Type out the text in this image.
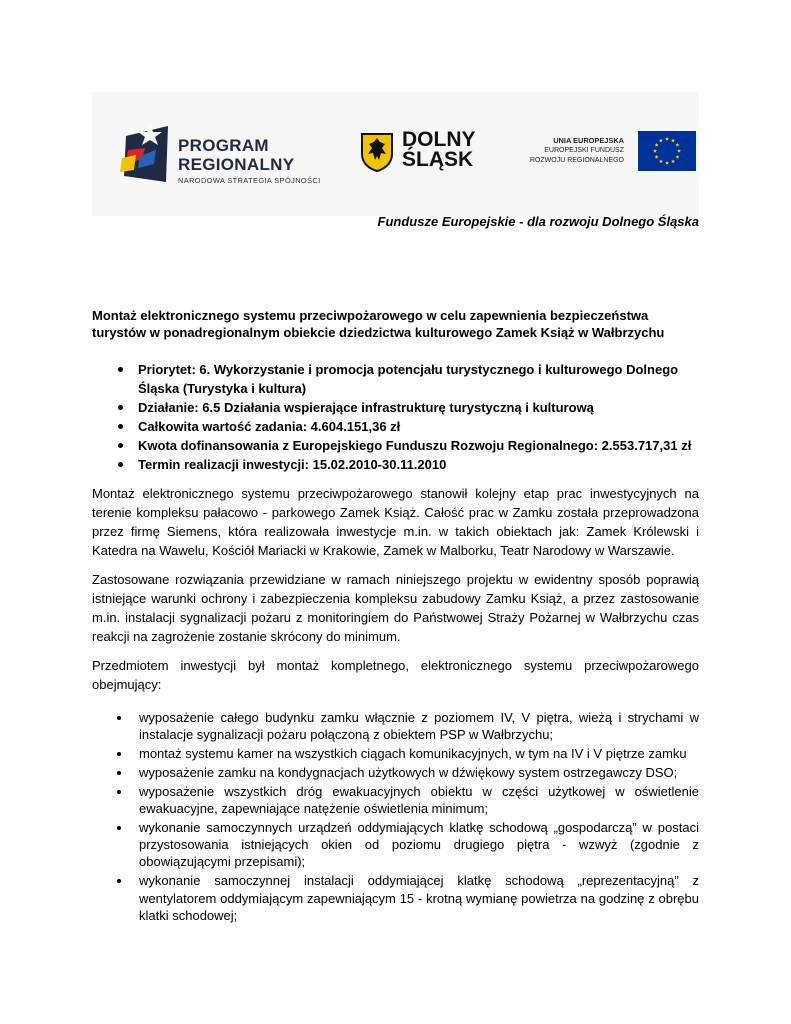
PROGRAM
REGIONALNY
NARODOWA STRATEGIA SPÓJNOŚCI
DOLNY
ŚLĄSK
UNIA EUROPEJSKA
EUROPEJSKI FUNDUSZ
ROZWOJU REGIONALNEGO
Fundusze Europejskie - dla rozwoju Dolnego Śląska
Montaż elektronicznego systemu przeciwpożarowego w celu zapewnienia bezpieczeństwa turystów w ponadregionalnym obiekcie dziedzictwa kulturowego Zamek Książ w Wałbrzychu
Priorytet: 6. Wykorzystanie i promocja potencjału turystycznego i kulturowego Dolnego Śląska (Turystyka i kultura)
Działanie: 6.5 Działania wspierające infrastrukturę turystyczną i kulturową
Całkowita wartość zadania: 4.604.151,36 zł
Kwota dofinansowania z Europejskiego Funduszu Rozwoju Regionalnego: 2.553.717,31 zł
Termin realizacji inwestycji: 15.02.2010-30.11.2010

Montaż elektronicznego systemu przeciwpożarowego stanowił kolejny etap prac inwestycyjnych na terenie kompleksu pałacowo - parkowego Zamek Książ. Całość prac w Zamku została przeprowadzona przez firmę Siemens, która realizowała inwestycje m.in. w takich obiektach jak: Zamek Królewski i Katedra na Wawelu, Kościół Mariacki w Krakowie, Zamek w Malborku, Teatr Narodowy w Warszawie.

Zastosowane rozwiązania przewidziane w ramach niniejszego projektu w ewidentny sposób poprawią istniejące warunki ochrony i zabezpieczenia kompleksu zabudowy Zamku Książ, a przez zastosowanie m.in. instalacji sygnalizacji pożaru z monitoringiem do Państwowej Straży Pożarnej w Wałbrzychu czas reakcji na zagrożenie zostanie skrócony do minimum.

Przedmiotem inwestycji był montaż kompletnego, elektronicznego systemu przeciwpożarowego obejmujący:

wyposażenie całego budynku zamku włącznie z poziomem IV, V piętra, wieżą i strychami w instalacje sygnalizacji pożaru połączoną z obiektem PSP w Wałbrzychu;
montaż systemu kamer na wszystkich ciągach komunikacyjnych, w tym na IV i V piętrze zamku
wyposażenie zamku na kondygnacjach użytkowych w dźwiękowy system ostrzegawczy DSO;
wyposażenie wszystkich dróg ewakuacyjnych obiektu w części użytkowej w oświetlenie ewakuacyjne, zapewniające natężenie oświetlenia minimum;
wykonanie samoczynnych urządzeń oddymiających klatkę schodową „gospodarczą” w postaci przystosowania istniejących okien od poziomu drugiego piętra - wzwyż (zgodnie z obowiązującymi przepisami);
wykonanie samoczynnej instalacji oddymiającej klatkę schodową „reprezentacyjną” z wentylatorem oddymiającym zapewniającym 15 - krotną wymianę powietrza na godzinę z obrębu klatki schodowej;
